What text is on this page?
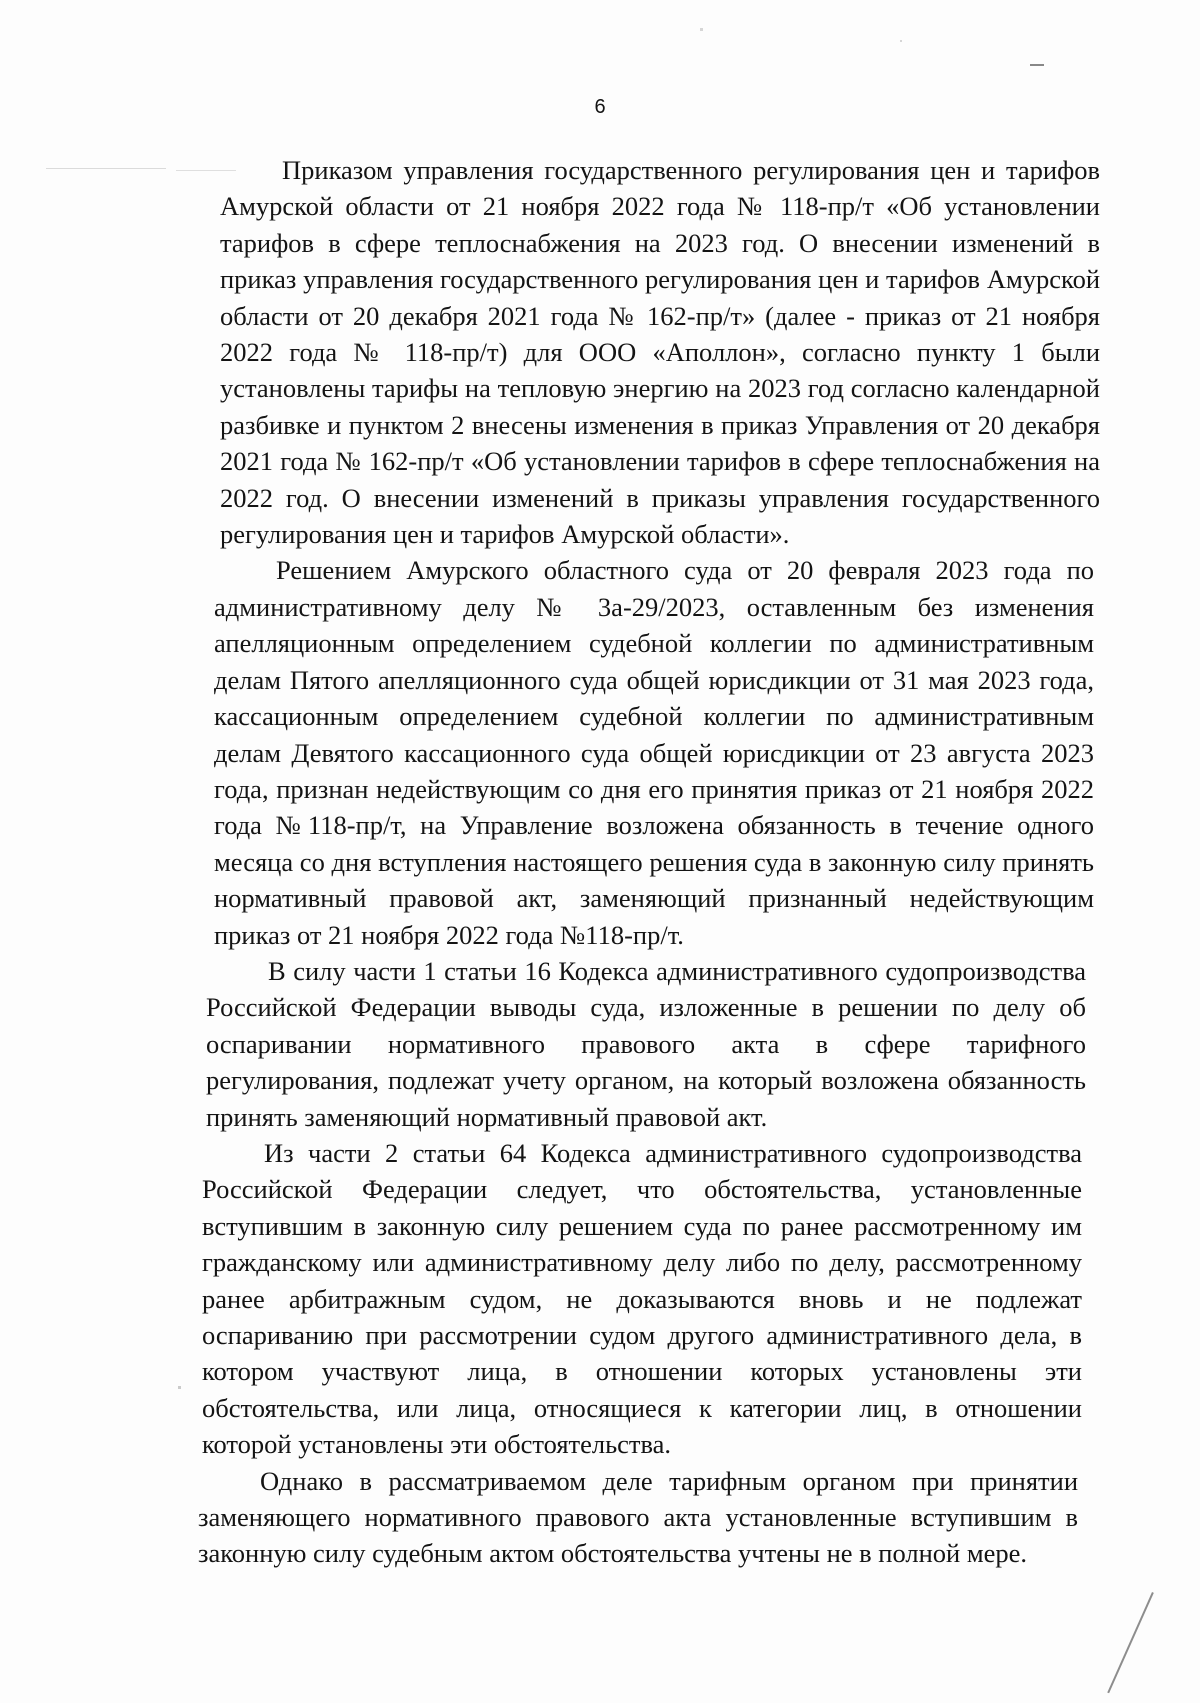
6

Приказом управления государственного регулирования цен и тарифов Амурской области от 21 ноября 2022 года № 118-пр/т «Об установлении тарифов в сфере теплоснабжения на 2023 год. О внесении изменений в приказ управления государственного регулирования цен и тарифов Амурской области от 20 декабря 2021 года № 162-пр/т» (далее - приказ от 21 ноября 2022 года № 118-пр/т) для ООО «Аполлон», согласно пункту 1 были установлены тарифы на тепловую энергию на 2023 год согласно календарной разбивке и пунктом 2 внесены изменения в приказ Управления от 20 декабря 2021 года № 162-пр/т «Об установлении тарифов в сфере теплоснабжения на 2022 год. О внесении изменений в приказы управления государственного регулирования цен и тарифов Амурской области».

Решением Амурского областного суда от 20 февраля 2023 года по административному делу № 3а-29/2023, оставленным без изменения апелляционным определением судебной коллегии по административным делам Пятого апелляционного суда общей юрисдикции от 31 мая 2023 года, кассационным определением судебной коллегии по административным делам Девятого кассационного суда общей юрисдикции от 23 августа 2023 года, признан недействующим со дня его принятия приказ от 21 ноября 2022 года №118-пр/т, на Управление возложена обязанность в течение одного месяца со дня вступления настоящего решения суда в законную силу принять нормативный правовой акт, заменяющий признанный недействующим приказ от 21 ноября 2022 года №118-пр/т.

В силу части 1 статьи 16 Кодекса административного судопроизводства Российской Федерации выводы суда, изложенные в решении по делу об оспаривании нормативного правового акта в сфере тарифного регулирования, подлежат учету органом, на который возложена обязанность принять заменяющий нормативный правовой акт.

Из части 2 статьи 64 Кодекса административного судопроизводства Российской Федерации следует, что обстоятельства, установленные вступившим в законную силу решением суда по ранее рассмотренному им гражданскому или административному делу либо по делу, рассмотренному ранее арбитражным судом, не доказываются вновь и не подлежат оспариванию при рассмотрении судом другого административного дела, в котором участвуют лица, в отношении которых установлены эти обстоятельства, или лица, относящиеся к категории лиц, в отношении которой установлены эти обстоятельства.

Однако в рассматриваемом деле тарифным органом при принятии заменяющего нормативного правового акта установленные вступившим в законную силу судебным актом обстоятельства учтены не в полной мере.
